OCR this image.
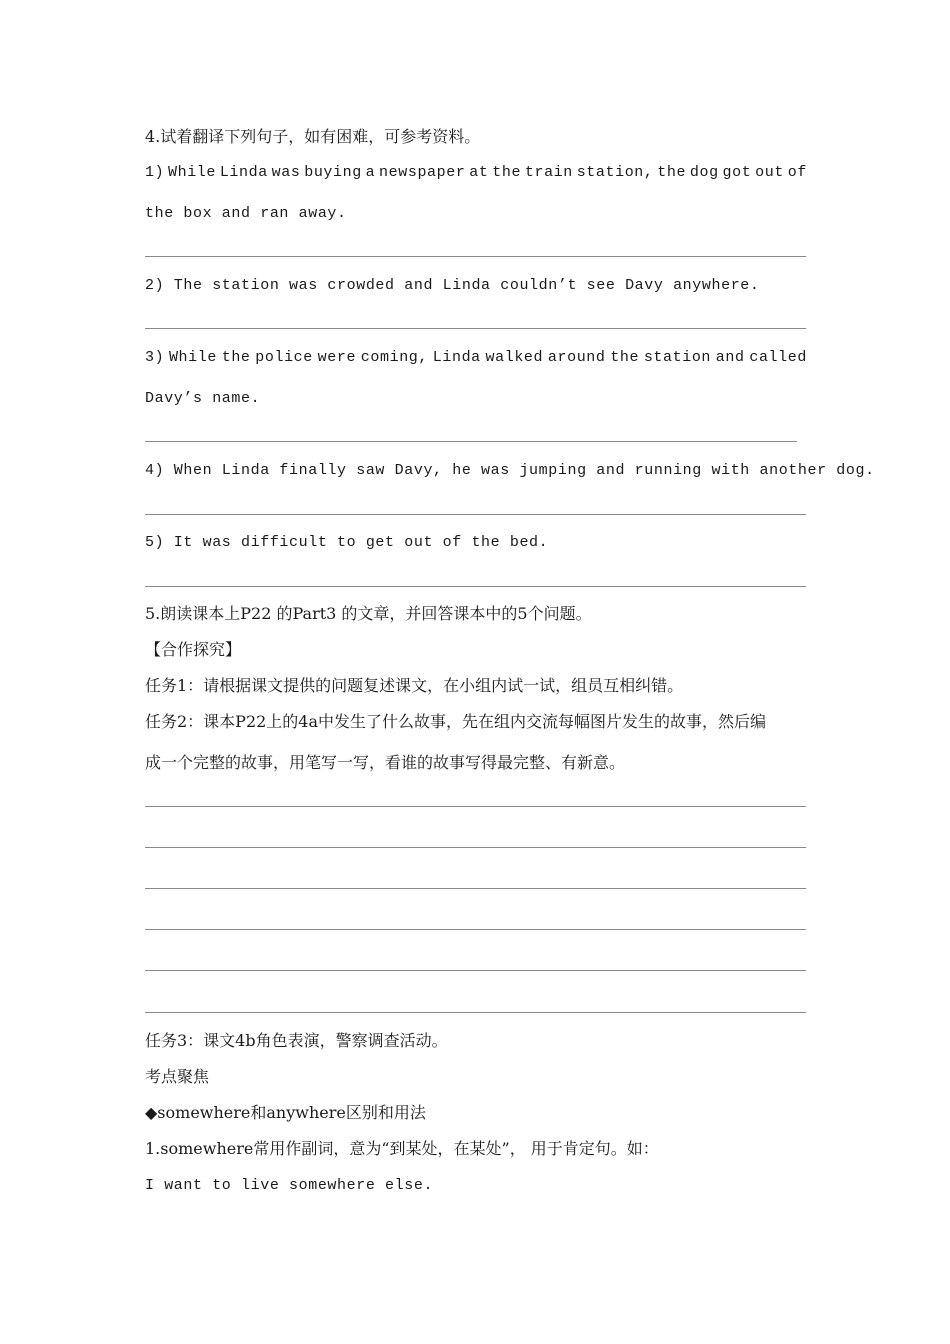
4.试着翻译下列句子，如有困难，可参考资料。
1) While Linda was buying a newspaper at the train station, the dog got out of
the box and ran away.
2) The station was crowded and Linda couldn’t see Davy anywhere.
3) While the police were coming, Linda walked around the station and called
Davy’s name.
4) When Linda finally saw Davy, he was jumping and running with another dog.
5) It was difficult to get out of the bed.
5.朗读课本上P22 的Part3 的文章，并回答课本中的5个问题。
【合作探究】
任务1：请根据课文提供的问题复述课文，在小组内试一试，组员互相纠错。
任务2：课本P22上的4a中发生了什么故事，先在组内交流每幅图片发生的故事，然后编
成一个完整的故事，用笔写一写，看谁的故事写得最完整、有新意。
任务3：课文4b角色表演，警察调查活动。
考点聚焦
◆somewhere和anywhere区别和用法
1.somewhere常用作副词，意为“到某处，在某处”， 用于肯定句。如：
I want to live somewhere else.
